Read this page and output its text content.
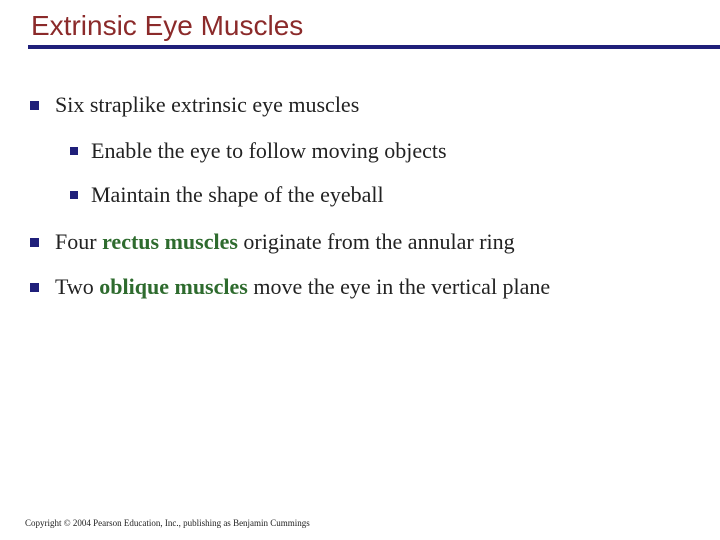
Extrinsic Eye Muscles
Six straplike extrinsic eye muscles
Enable the eye to follow moving objects
Maintain the shape of the eyeball
Four rectus muscles originate from the annular ring
Two oblique muscles move the eye in the vertical plane
Copyright © 2004 Pearson Education, Inc., publishing as Benjamin Cummings
